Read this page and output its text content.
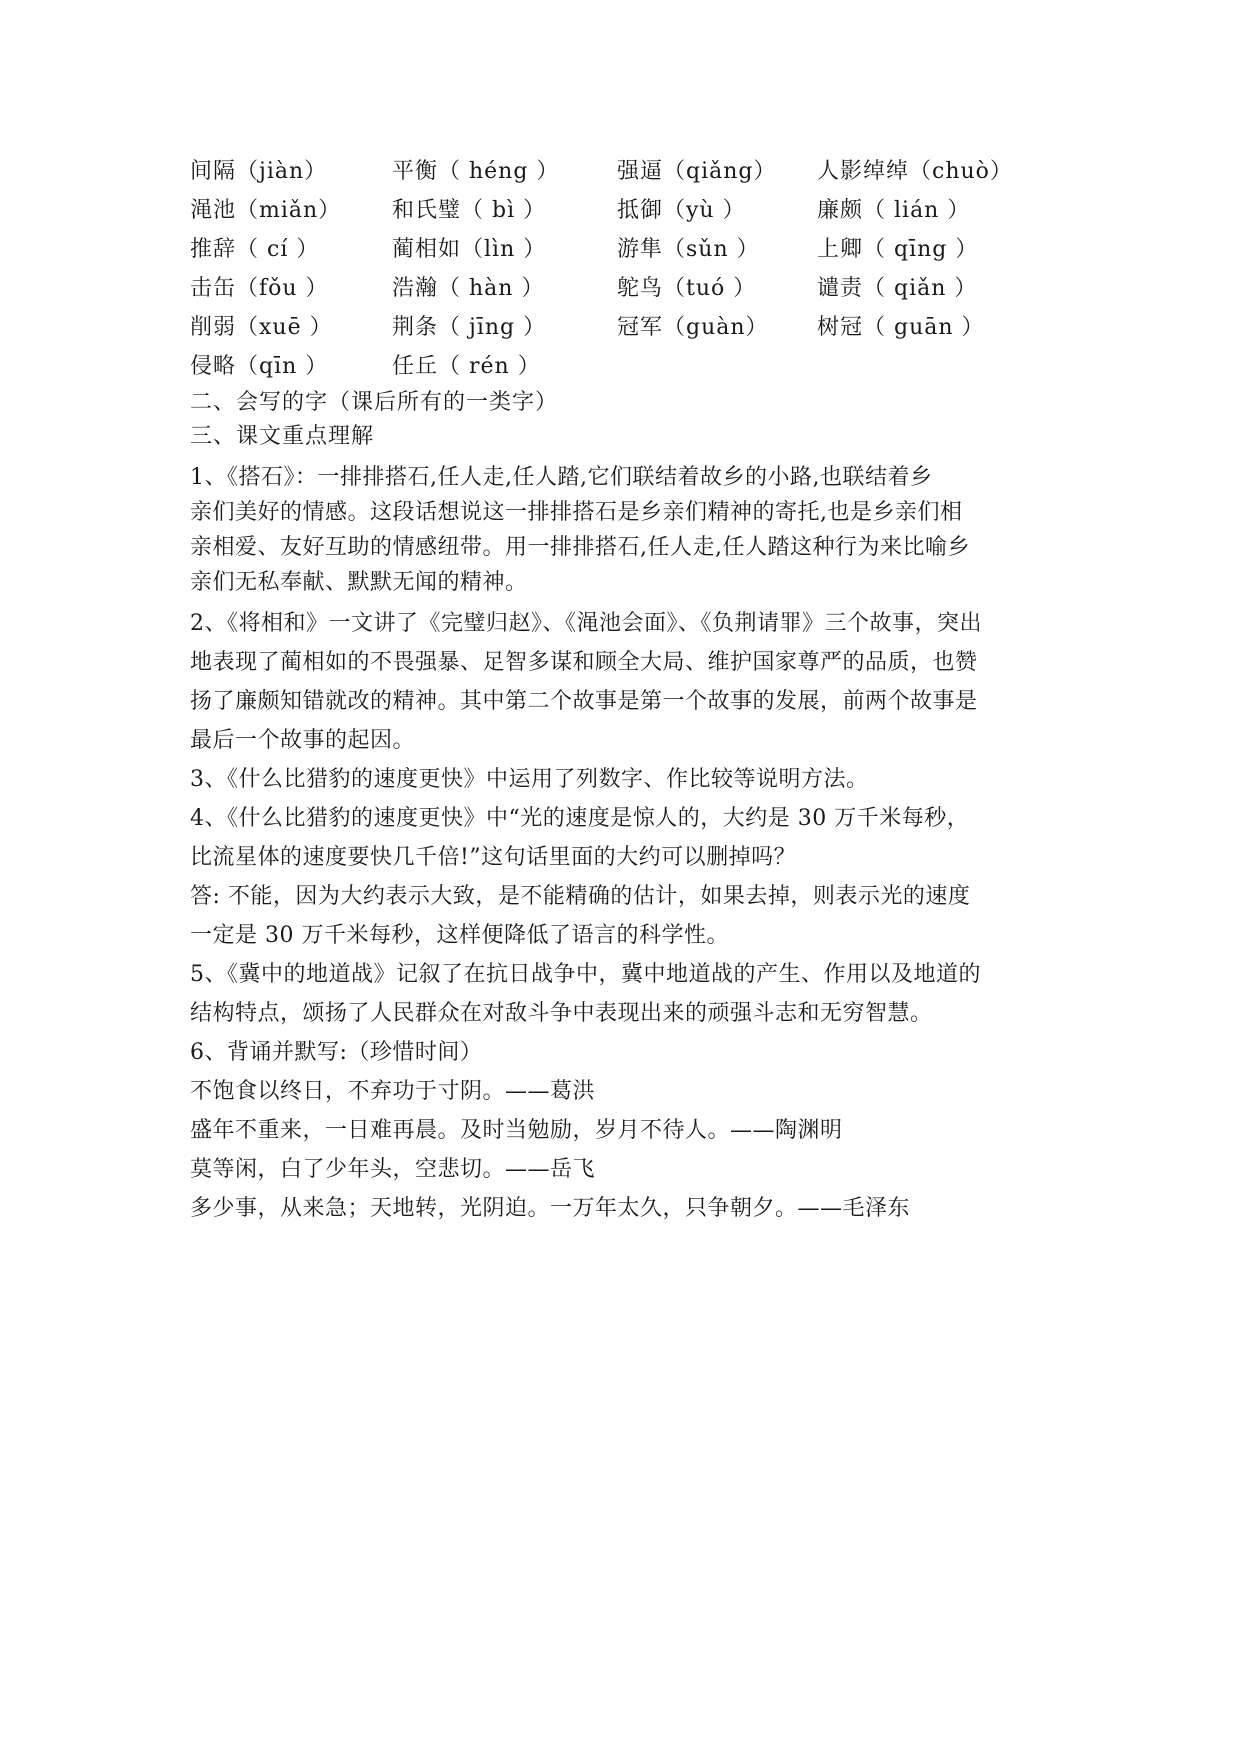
间隔（jiàn）	平衡（ héng ）	强逼（qiǎng）	人影绰绰（chuò）
渑池（miǎn）	和氏璧（ bì ）	抵御（yù ）	廉颇（ lián ）
推辞（ cí ）	蔺相如（lìn ）	游隼（sǔn ）	上卿（ qīng ）
击缶（fǒu ）	浩瀚（ hàn ）	鸵鸟（tuó ）	谴责（ qiǎn ）
削弱（xuē ）	荆条（ jīng ）	冠军（guàn）	树冠（ guān ）
侵略（qīn ）	任丘（ rén ）
二、会写的字（课后所有的一类字）
三、课文重点理解

1、《搭石》：一排排搭石,任人走,任人踏,它们联结着故乡的小路,也联结着乡
亲们美好的情感。这段话想说这一排排搭石是乡亲们精神的寄托,也是乡亲们相
亲相爱、友好互助的情感纽带。用一排排搭石,任人走,任人踏这种行为来比喻乡
亲们无私奉献、默默无闻的精神。

2、《将相和》一文讲了《完璧归赵》、《渑池会面》、《负荆请罪》三个故事，突出
地表现了蔺相如的不畏强暴、足智多谋和顾全大局、维护国家尊严的品质，也赞
扬了廉颇知错就改的精神。其中第二个故事是第一个故事的发展，前两个故事是
最后一个故事的起因。

3、《什么比猎豹的速度更快》中运用了列数字、作比较等说明方法。

4、《什么比猎豹的速度更快》中“光的速度是惊人的，大约是 30 万千米每秒，
比流星体的速度要快几千倍!”这句话里面的大约可以删掉吗？

答: 不能，因为大约表示大致，是不能精确的估计，如果去掉，则表示光的速度
一定是 30 万千米每秒，这样便降低了语言的科学性。

5、《冀中的地道战》记叙了在抗日战争中，冀中地道战的产生、作用以及地道的
结构特点，颂扬了人民群众在对敌斗争中表现出来的顽强斗志和无穷智慧。

6、背诵并默写:（珍惜时间）
不饱食以终日，不弃功于寸阴。——葛洪
盛年不重来，一日难再晨。及时当勉励，岁月不待人。——陶渊明
莫等闲，白了少年头，空悲切。——岳飞
多少事，从来急；天地转，光阴迫。一万年太久，只争朝夕。——毛泽东
